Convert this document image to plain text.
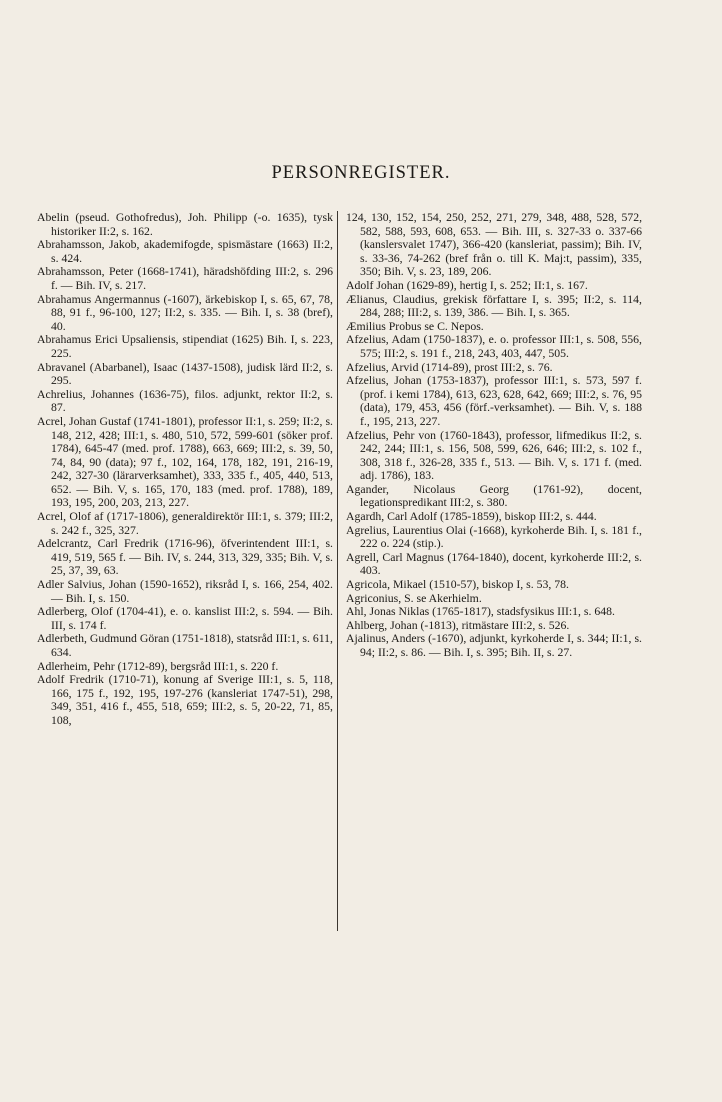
PERSONREGISTER.

Abelin (pseud. Gothofredus), Joh. Philipp (-o. 1635), tysk historiker II:2, s. 162.

Abrahamsson, Jakob, akademifogde, spismästare (1663) II:2, s. 424.

Abrahamsson, Peter (1668-1741), häradshöfding III:2, s. 296 f. — Bih. IV, s. 217.

Abrahamus Angermannus (-1607), ärkebiskop I, s. 65, 67, 78, 88, 91 f., 96-100, 127; II:2, s. 335. — Bih. I, s. 38 (bref), 40.

Abrahamus Erici Upsaliensis, stipendiat (1625) Bih. I, s. 223, 225.

Abravanel (Abarbanel), Isaac (1437-1508), judisk lärd II:2, s. 295.

Achrelius, Johannes (1636-75), filos. adjunkt, rektor II:2, s. 87.

Acrel, Johan Gustaf (1741-1801), professor II:1, s. 259; II:2, s. 148, 212, 428; III:1, s. 480, 510, 572, 599-601 (söker prof. 1784), 645-47 (med. prof. 1788), 663, 669; III:2, s. 39, 50, 74, 84, 90 (data); 97 f., 102, 164, 178, 182, 191, 216-19, 242, 327-30 (lärarverksamhet), 333, 335 f., 405, 440, 513, 652. — Bih. V, s. 165, 170, 183 (med. prof. 1788), 189, 193, 195, 200, 203, 213, 227.

Acrel, Olof af (1717-1806), generaldirektör III:1, s. 379; III:2, s. 242 f., 325, 327.

Adelcrantz, Carl Fredrik (1716-96), öfverintendent III:1, s. 419, 519, 565 f. — Bih. IV, s. 244, 313, 329, 335; Bih. V, s. 25, 37, 39, 63.

Adler Salvius, Johan (1590-1652), riksråd I, s. 166, 254, 402. — Bih. I, s. 150.

Adlerberg, Olof (1704-41), e. o. kanslist III:2, s. 594. — Bih. III, s. 174 f.

Adlerbeth, Gudmund Göran (1751-1818), statsråd III:1, s. 611, 634.

Adlerheim, Pehr (1712-89), bergsråd III:1, s. 220 f.

Adolf Fredrik (1710-71), konung af Sverige III:1, s. 5, 118, 166, 175 f., 192, 195, 197-276 (kansleriat 1747-51), 298, 349, 351, 416 f., 455, 518, 659; III:2, s. 5, 20-22, 71, 85, 108,

124, 130, 152, 154, 250, 252, 271, 279, 348, 488, 528, 572, 582, 588, 593, 608, 653. — Bih. III, s. 327-33 o. 337-66 (kanslersvalet 1747), 366-420 (kansleriat, passim); Bih. IV, s. 33-36, 74-262 (bref från o. till K. Maj:t, passim), 335, 350; Bih. V, s. 23, 189, 206.

Adolf Johan (1629-89), hertig I, s. 252; II:1, s. 167.

Ælianus, Claudius, grekisk författare I, s. 395; II:2, s. 114, 284, 288; III:2, s. 139, 386. — Bih. I, s. 365.

Æmilius Probus se C. Nepos.

Afzelius, Adam (1750-1837), e. o. professor III:1, s. 508, 556, 575; III:2, s. 191 f., 218, 243, 403, 447, 505.

Afzelius, Arvid (1714-89), prost III:2, s. 76.

Afzelius, Johan (1753-1837), professor III:1, s. 573, 597 f. (prof. i kemi 1784), 613, 623, 628, 642, 669; III:2, s. 76, 95 (data), 179, 453, 456 (förf.-verksamhet). — Bih. V, s. 188 f., 195, 213, 227.

Afzelius, Pehr von (1760-1843), professor, lifmedikus II:2, s. 242, 244; III:1, s. 156, 508, 599, 626, 646; III:2, s. 102 f., 308, 318 f., 326-28, 335 f., 513. — Bih. V, s. 171 f. (med. adj. 1786), 183.

Agander, Nicolaus Georg (1761-92), docent, legationspredikant III:2, s. 380.

Agardh, Carl Adolf (1785-1859), biskop III:2, s. 444.

Agrelius, Laurentius Olai (-1668), kyrkoherde Bih. I, s. 181 f., 222 o. 224 (stip.).

Agrell, Carl Magnus (1764-1840), docent, kyrkoherde III:2, s. 403.

Agricola, Mikael (1510-57), biskop I, s. 53, 78.

Agriconius, S. se Akerhielm.

Ahl, Jonas Niklas (1765-1817), stadsfysikus III:1, s. 648.

Ahlberg, Johan (-1813), ritmästare III:2, s. 526.

Ajalinus, Anders (-1670), adjunkt, kyrkoherde I, s. 344; II:1, s. 94; II:2, s. 86. — Bih. I, s. 395; Bih. II, s. 27.
